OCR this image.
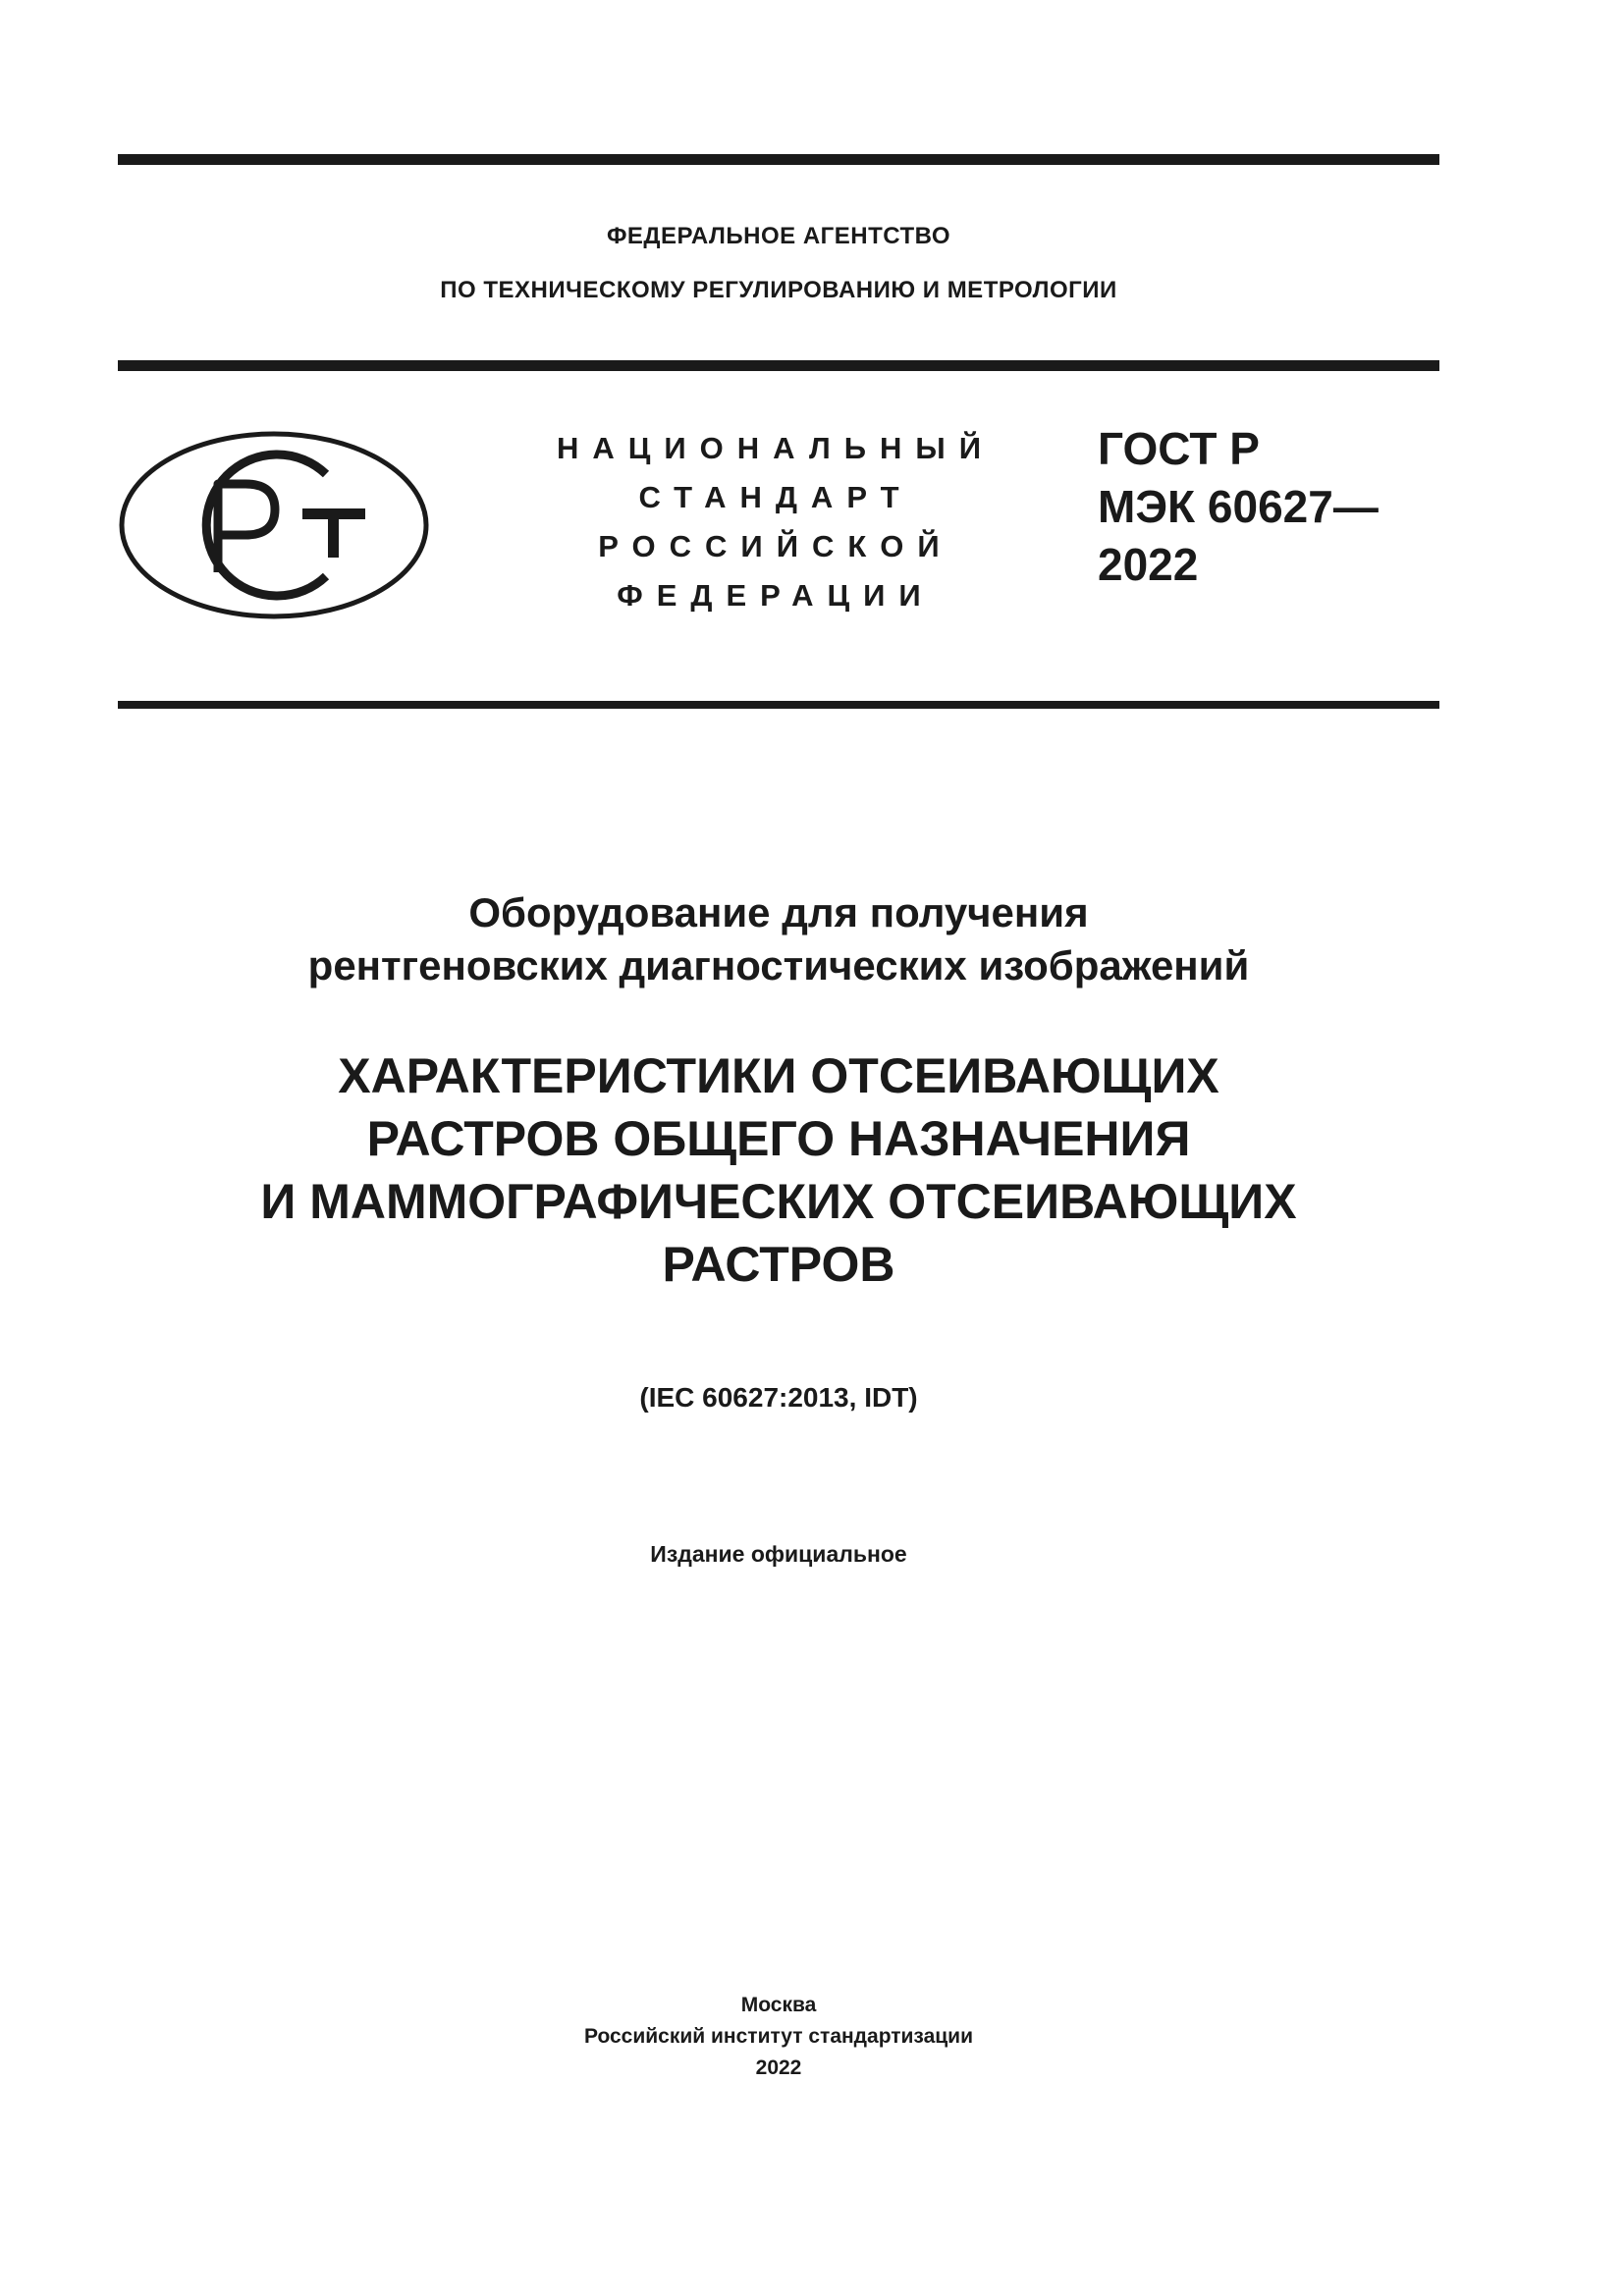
ФЕДЕРАЛЬНОЕ АГЕНТСТВО
ПО ТЕХНИЧЕСКОМУ РЕГУЛИРОВАНИЮ И МЕТРОЛОГИИ
НАЦИОНАЛЬНЫЙ
СТАНДАРТ
РОССИЙСКОЙ
ФЕДЕРАЦИИ
ГОСТ Р
МЭК 60627—
2022
Оборудование для получения
рентгеновских диагностических изображений
ХАРАКТЕРИСТИКИ ОТСЕИВАЮЩИХ
РАСТРОВ ОБЩЕГО НАЗНАЧЕНИЯ
И МАММОГРАФИЧЕСКИХ ОТСЕИВАЮЩИХ
РАСТРОВ
(IEC 60627:2013, IDT)
Издание официальное
Москва
Российский институт стандартизации
2022
